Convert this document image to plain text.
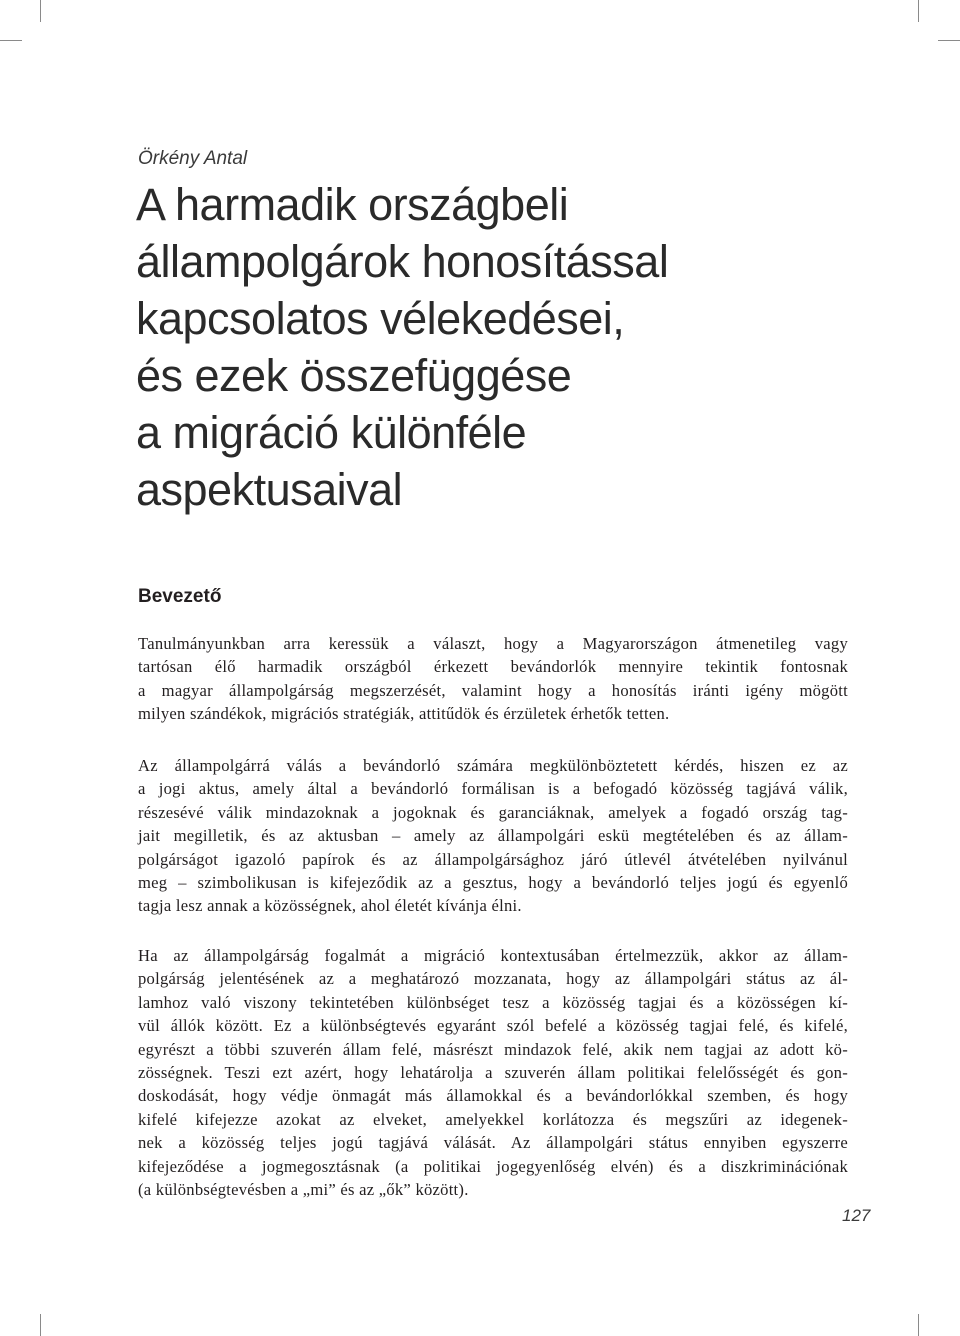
Örkény Antal
A harmadik országbeli
állampolgárok honosítással
kapcsolatos vélekedései,
és ezek összefüggése
a migráció különféle
aspektusaival
Bevezető

Tanulmányunkban arra keressük a választ, hogy a Magyarországon átmenetileg vagy
tartósan élő harmadik országból érkezett bevándorlók mennyire tekintik fontosnak
a magyar állampolgárság megszerzését, valamint hogy a honosítás iránti igény mögött
milyen szándékok, migrációs stratégiák, attitűdök és érzületek érhetők tetten.

Az állampolgárrá válás a bevándorló számára megkülönböztetett kérdés, hiszen ez az
a jogi aktus, amely által a bevándorló formálisan is a befogadó közösség tagjává válik,
részesévé válik mindazoknak a jogoknak és garanciáknak, amelyek a fogadó ország tag-
jait megilletik, és az aktusban – amely az állampolgári eskü megtételében és az állam-
polgárságot igazoló papírok és az állampolgársághoz járó útlevél átvételében nyilvánul
meg – szimbolikusan is kifejeződik az a gesztus, hogy a bevándorló teljes jogú és egyenlő
tagja lesz annak a közösségnek, ahol életét kívánja élni.

Ha az állampolgárság fogalmát a migráció kontextusában értelmezzük, akkor az állam-
polgárság jelentésének az a meghatározó mozzanata, hogy az állampolgári státus az ál-
lamhoz való viszony tekintetében különbséget tesz a közösség tagjai és a közösségen kí-
vül állók között. Ez a különbségtevés egyaránt szól befelé a közösség tagjai felé, és kifelé,
egyrészt a többi szuverén állam felé, másrészt mindazok felé, akik nem tagjai az adott kö-
zösségnek. Teszi ezt azért, hogy lehatárolja a szuverén állam politikai felelősségét és gon-
doskodását, hogy védje önmagát más államokkal és a bevándorlókkal szemben, és hogy
kifelé kifejezze azokat az elveket, amelyekkel korlátozza és megszűri az idegenek-
nek a közösség teljes jogú tagjává válását. Az állampolgári státus ennyiben egyszerre
kifejeződése a jogmegosztásnak (a politikai jogegyenlőség elvén) és a diszkriminációnak
(a különbségtevésben a „mi” és az „ők” között).

127
